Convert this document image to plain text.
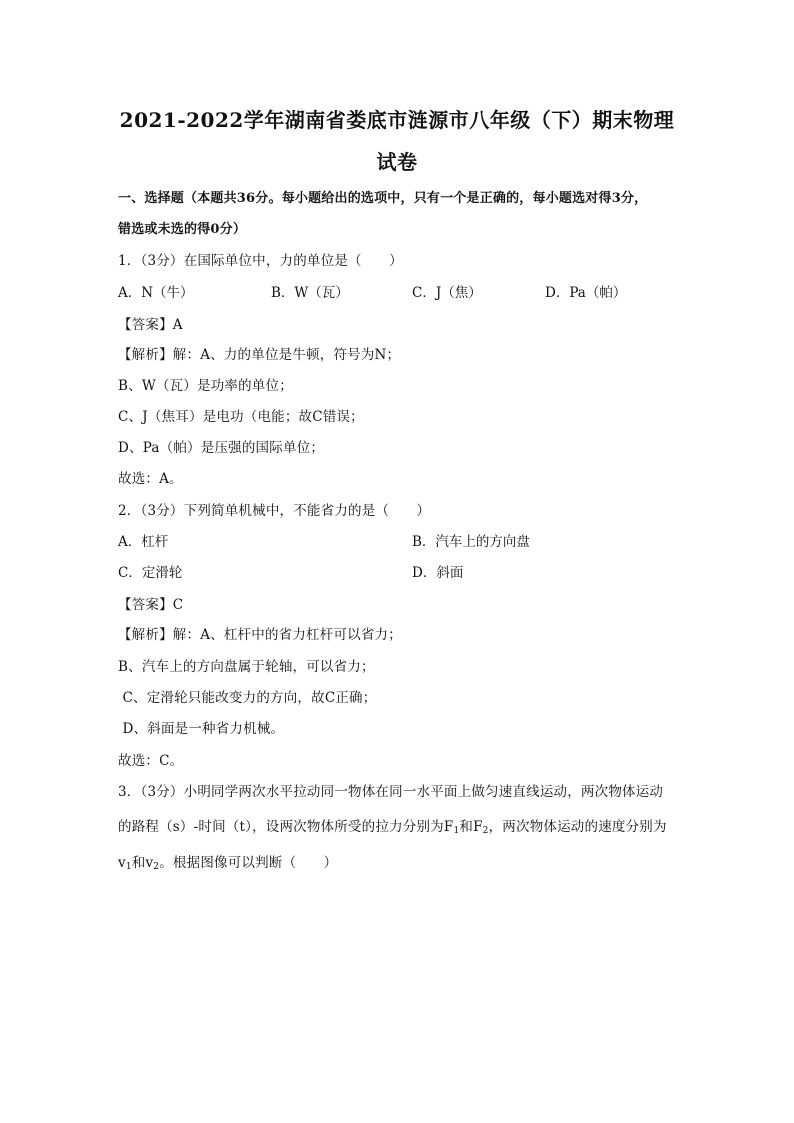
2021-2022学年湖南省娄底市涟源市八年级（下）期末物理
试卷
一、选择题（本题共36分。每小题给出的选项中，只有一个是正确的，每小题选对得3分，
错选或未选的得0分）
1．（3分）在国际单位中，力的单位是（　　）
A．N（牛）	B．W（瓦）	C．J（焦）	D．Pa（帕）
【答案】A
【解析】解：A、力的单位是牛顿，符号为N；
B、W（瓦）是功率的单位；
C、J（焦耳）是电功（电能；故C错误；
D、Pa（帕）是压强的国际单位；
故选：A。
2．（3分）下列简单机械中，不能省力的是（　　）
A．杠杆	B．汽车上的方向盘
C．定滑轮	D．斜面
【答案】C
【解析】解：A、杠杆中的省力杠杆可以省力；
B、汽车上的方向盘属于轮轴，可以省力；
C、定滑轮只能改变力的方向，故C正确；
D、斜面是一种省力机械。
故选：C。
3．（3分）小明同学两次水平拉动同一物体在同一水平面上做匀速直线运动，两次物体运动
的路程（s）-时间（t），设两次物体所受的拉力分别为$F_1$和$F_2$，两次物体运动的速度分别为
$v_1$和$v_2$。根据图像可以判断（　　）
